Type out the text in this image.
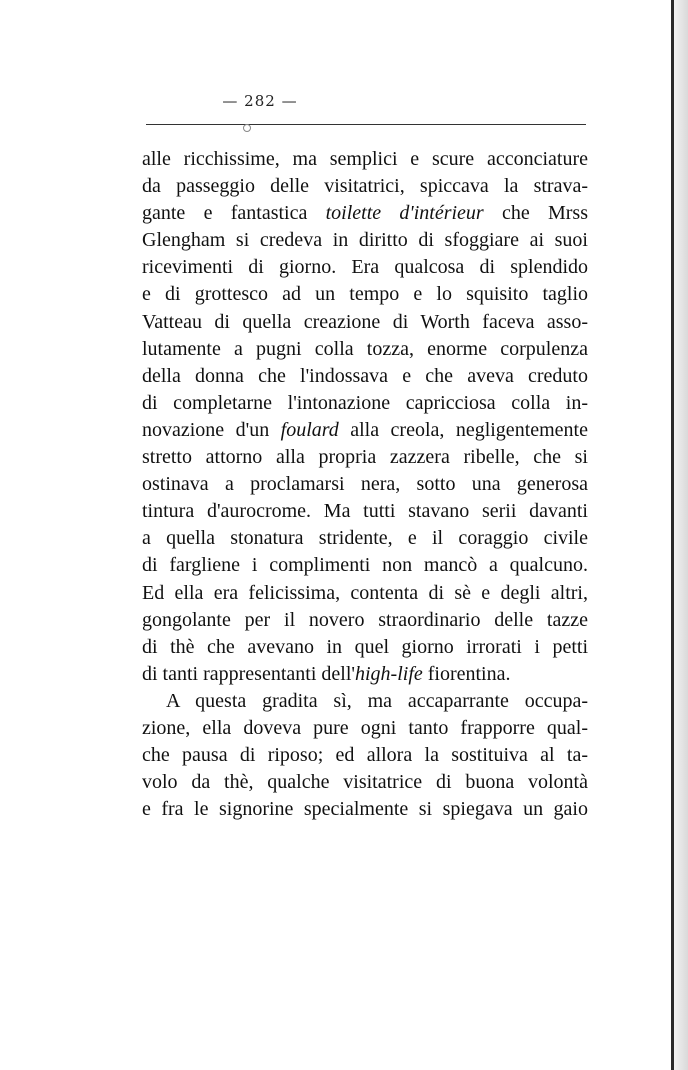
— 282 —
alle ricchissime, ma semplici e scure acconciature
da passeggio delle visitatrici, spiccava la strava-
gante e fantastica toilette d'intérieur che Mrss
Glengham si credeva in diritto di sfoggiare ai suoi
ricevimenti di giorno. Era qualcosa di splendido
e di grottesco ad un tempo e lo squisito taglio
Vatteau di quella creazione di Worth faceva asso-
lutamente a pugni colla tozza, enorme corpulenza
della donna che l'indossava e che aveva creduto
di completarne l'intonazione capricciosa colla in-
novazione d'un foulard alla creola, negligentemente
stretto attorno alla propria zazzera ribelle, che si
ostinava a proclamarsi nera, sotto una generosa
tintura d'aurocrome. Ma tutti stavano serii davanti
a quella stonatura stridente, e il coraggio civile
di fargliene i complimenti non mancò a qualcuno.
Ed ella era felicissima, contenta di sè e degli altri,
gongolante per il novero straordinario delle tazze
di thè che avevano in quel giorno irrorati i petti
di tanti rappresentanti dell'high-life fiorentina.
A questa gradita sì, ma accaparrante occupa-
zione, ella doveva pure ogni tanto frapporre qual-
che pausa di riposo; ed allora la sostituiva al ta-
volo da thè, qualche visitatrice di buona volontà
e fra le signorine specialmente si spiegava un gaio
